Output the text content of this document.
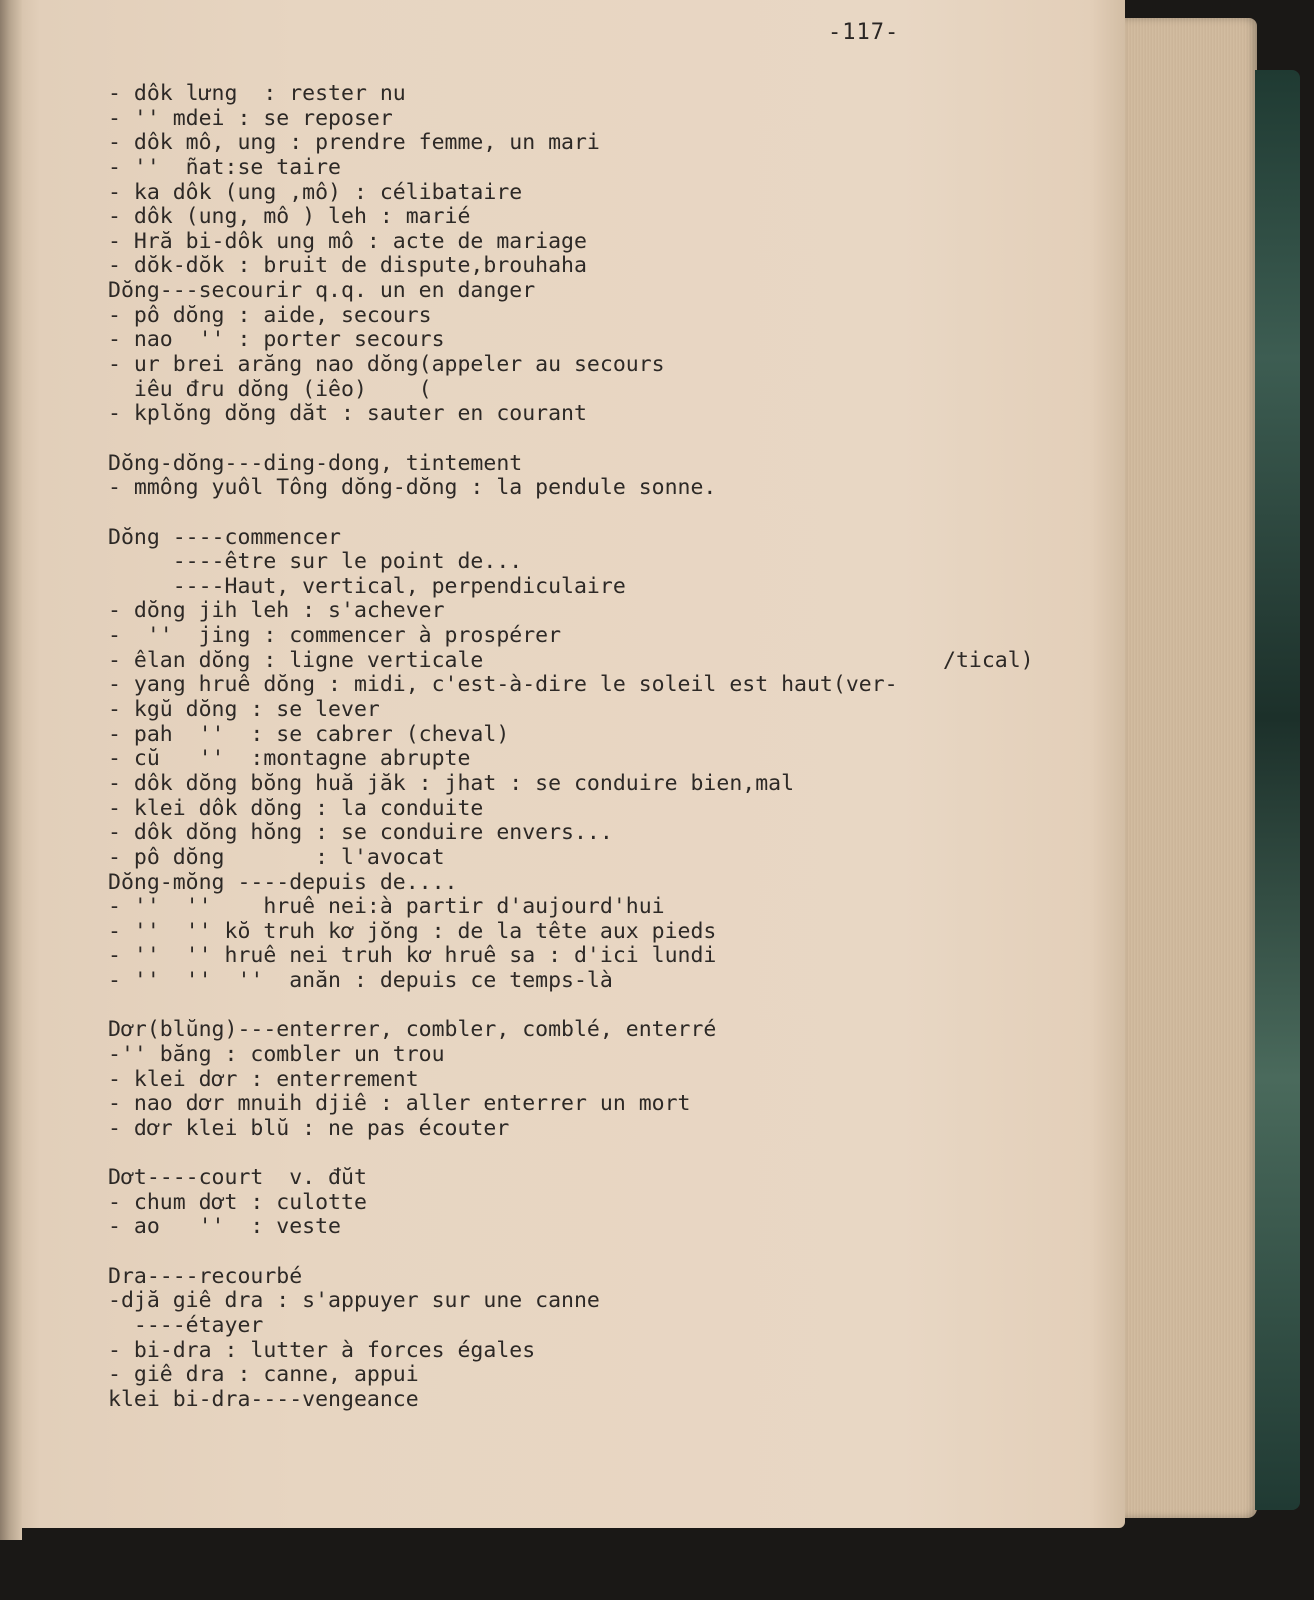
-117-
/tical)
- dôk lưng  : rester nu
- '' mdei : se reposer
- dôk mô, ung : prendre femme, un mari
- ''  ñat:se taire
- ka dôk (ung ,mô) : célibataire
- dôk (ung, mô ) leh : marié
- Hră bi-dôk ung mô : acte de mariage
- dŏk-dŏk : bruit de dispute,brouhaha
Dŏng---secourir q.q. un en danger
- pô dŏng : aide, secours
- nao  '' : porter secours
- ur brei arăng nao dŏng(appeler au secours
iêu đru dŏng (iêo)    (
- kplŏng dŏng dăt : sauter en courant
Dŏng-dŏng---ding-dong, tintement
- mmông yuôl Tông dŏng-dŏng : la pendule sonne.
Dŏng ----commencer
----être sur le point de...
----Haut, vertical, perpendiculaire
- dŏng jih leh : s'achever
-  ''  jing : commencer à prospérer
- êlan dŏng : ligne verticale
- yang hruê dŏng : midi, c'est-à-dire le soleil est haut(ver-
- kgŭ dŏng : se lever
- pah  ''  : se cabrer (cheval)
- cŭ   ''  :montagne abrupte
- dôk dŏng bŏng huă jăk : jhat : se conduire bien,mal
- klei dôk dŏng : la conduite
- dôk dŏng hŏng : se conduire envers...
- pô dŏng       : l'avocat
Dŏng-mŏng ----depuis de....
- ''  ''    hruê nei:à partir d'aujourd'hui
- ''  '' kŏ truh kơ jŏng : de la tête aux pieds
- ''  '' hruê nei truh kơ hruê sa : d'ici lundi
- ''  ''  ''  anăn : depuis ce temps-là
Dơr(blŭng)---enterrer, combler, comblé, enterré
-'' băng : combler un trou
- klei dơr : enterrement
- nao dơr mnuih djiê : aller enterrer un mort
- dơr klei blŭ : ne pas écouter
Dơt----court  v. đŭt
- chum dơt : culotte
- ao   ''  : veste
Dra----recourbé
-djă giê dra : s'appuyer sur une canne
----étayer
- bi-dra : lutter à forces égales
- giê dra : canne, appui
klei bi-dra----vengeance
